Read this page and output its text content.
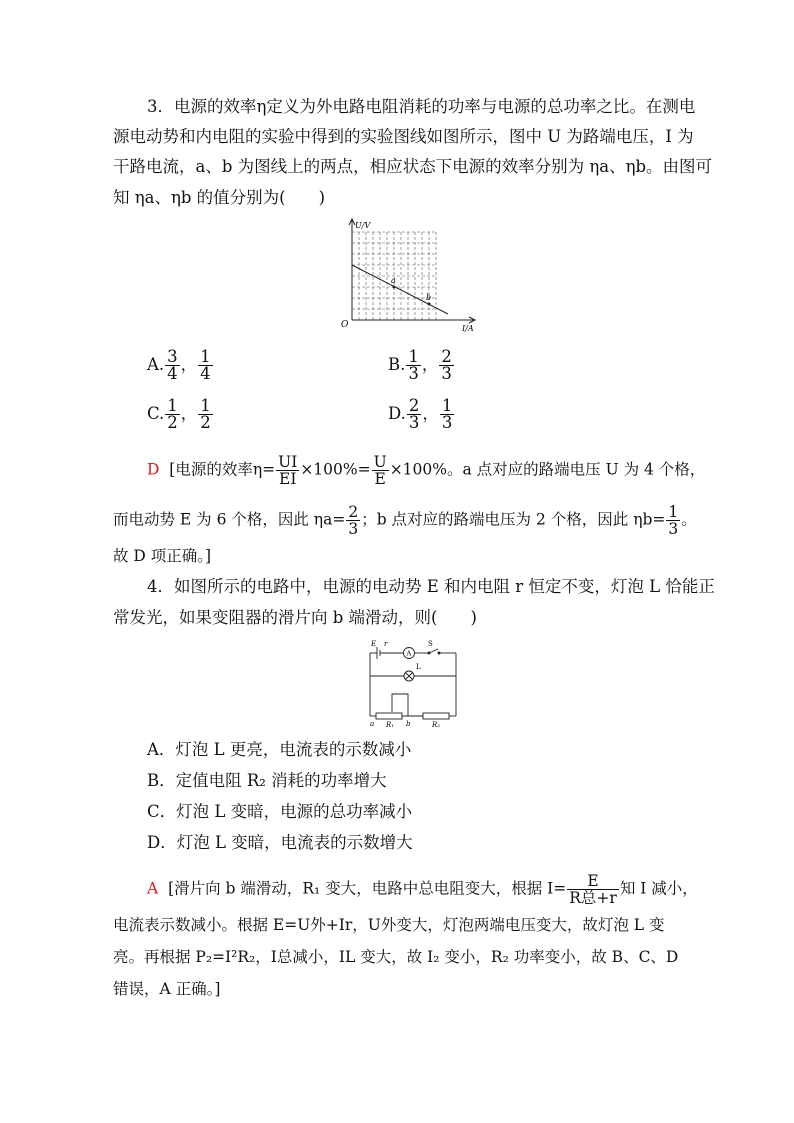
3．电源的效率η定义为外电路电阻消耗的功率与电源的总功率之比。在测电
源电动势和内电阻的实验中得到的实验图线如图所示，图中 U 为路端电压，I 为
干路电流，a、b 为图线上的两点，相应状态下电源的效率分别为 ηa、ηb。由图可
知 ηa、ηb 的值分别为(　　)
U/V
I/A
O
a
b
A. $\frac{3}{4}$ ， $\frac{1}{4}$	B. $\frac{1}{3}$ ， $\frac{2}{3}$
C. $\frac{1}{2}$ ， $\frac{1}{2}$	D. $\frac{2}{3}$ ， $\frac{1}{3}$
D [电源的效率$\eta= \frac{UI}{EI} \times 100\%= \frac{U}{E} \times 100\%$。a 点对应的路端电压 U 为 4 个格，
而电动势 E 为 6 个格，因此 $\eta a= \frac{2}{3}$ ；b 点对应的路端电压为 2 个格，因此 $\eta b= \frac{1}{3}$ 。
故 D 项正确。]
4．如图所示的电路中，电源的电动势 E 和内电阻 r 恒定不变，灯泡 L 恰能正
常发光，如果变阻器的滑片向 b 端滑动，则(　　)
E r	S
A
L
a R₁ b	R₂
A．灯泡 L 更亮，电流表的示数减小
B．定值电阻 R₂ 消耗的功率增大
C．灯泡 L 变暗，电源的总功率减小
D．灯泡 L 变暗，电流表的示数增大
A [滑片向 b 端滑动，R₁ 变大，电路中总电阻变大，根据 $I= \frac{E}{\text{R总+r}}$ 知 I 减小，
电流表示数减小。根据 E=U外+Ir，U外变大，灯泡两端电压变大，故灯泡 L 变
亮。再根据 P₂=I²R₂，I总减小，IL 变大，故 I₂ 变小，R₂ 功率变小，故 B、C、D
错误，A 正确。]
